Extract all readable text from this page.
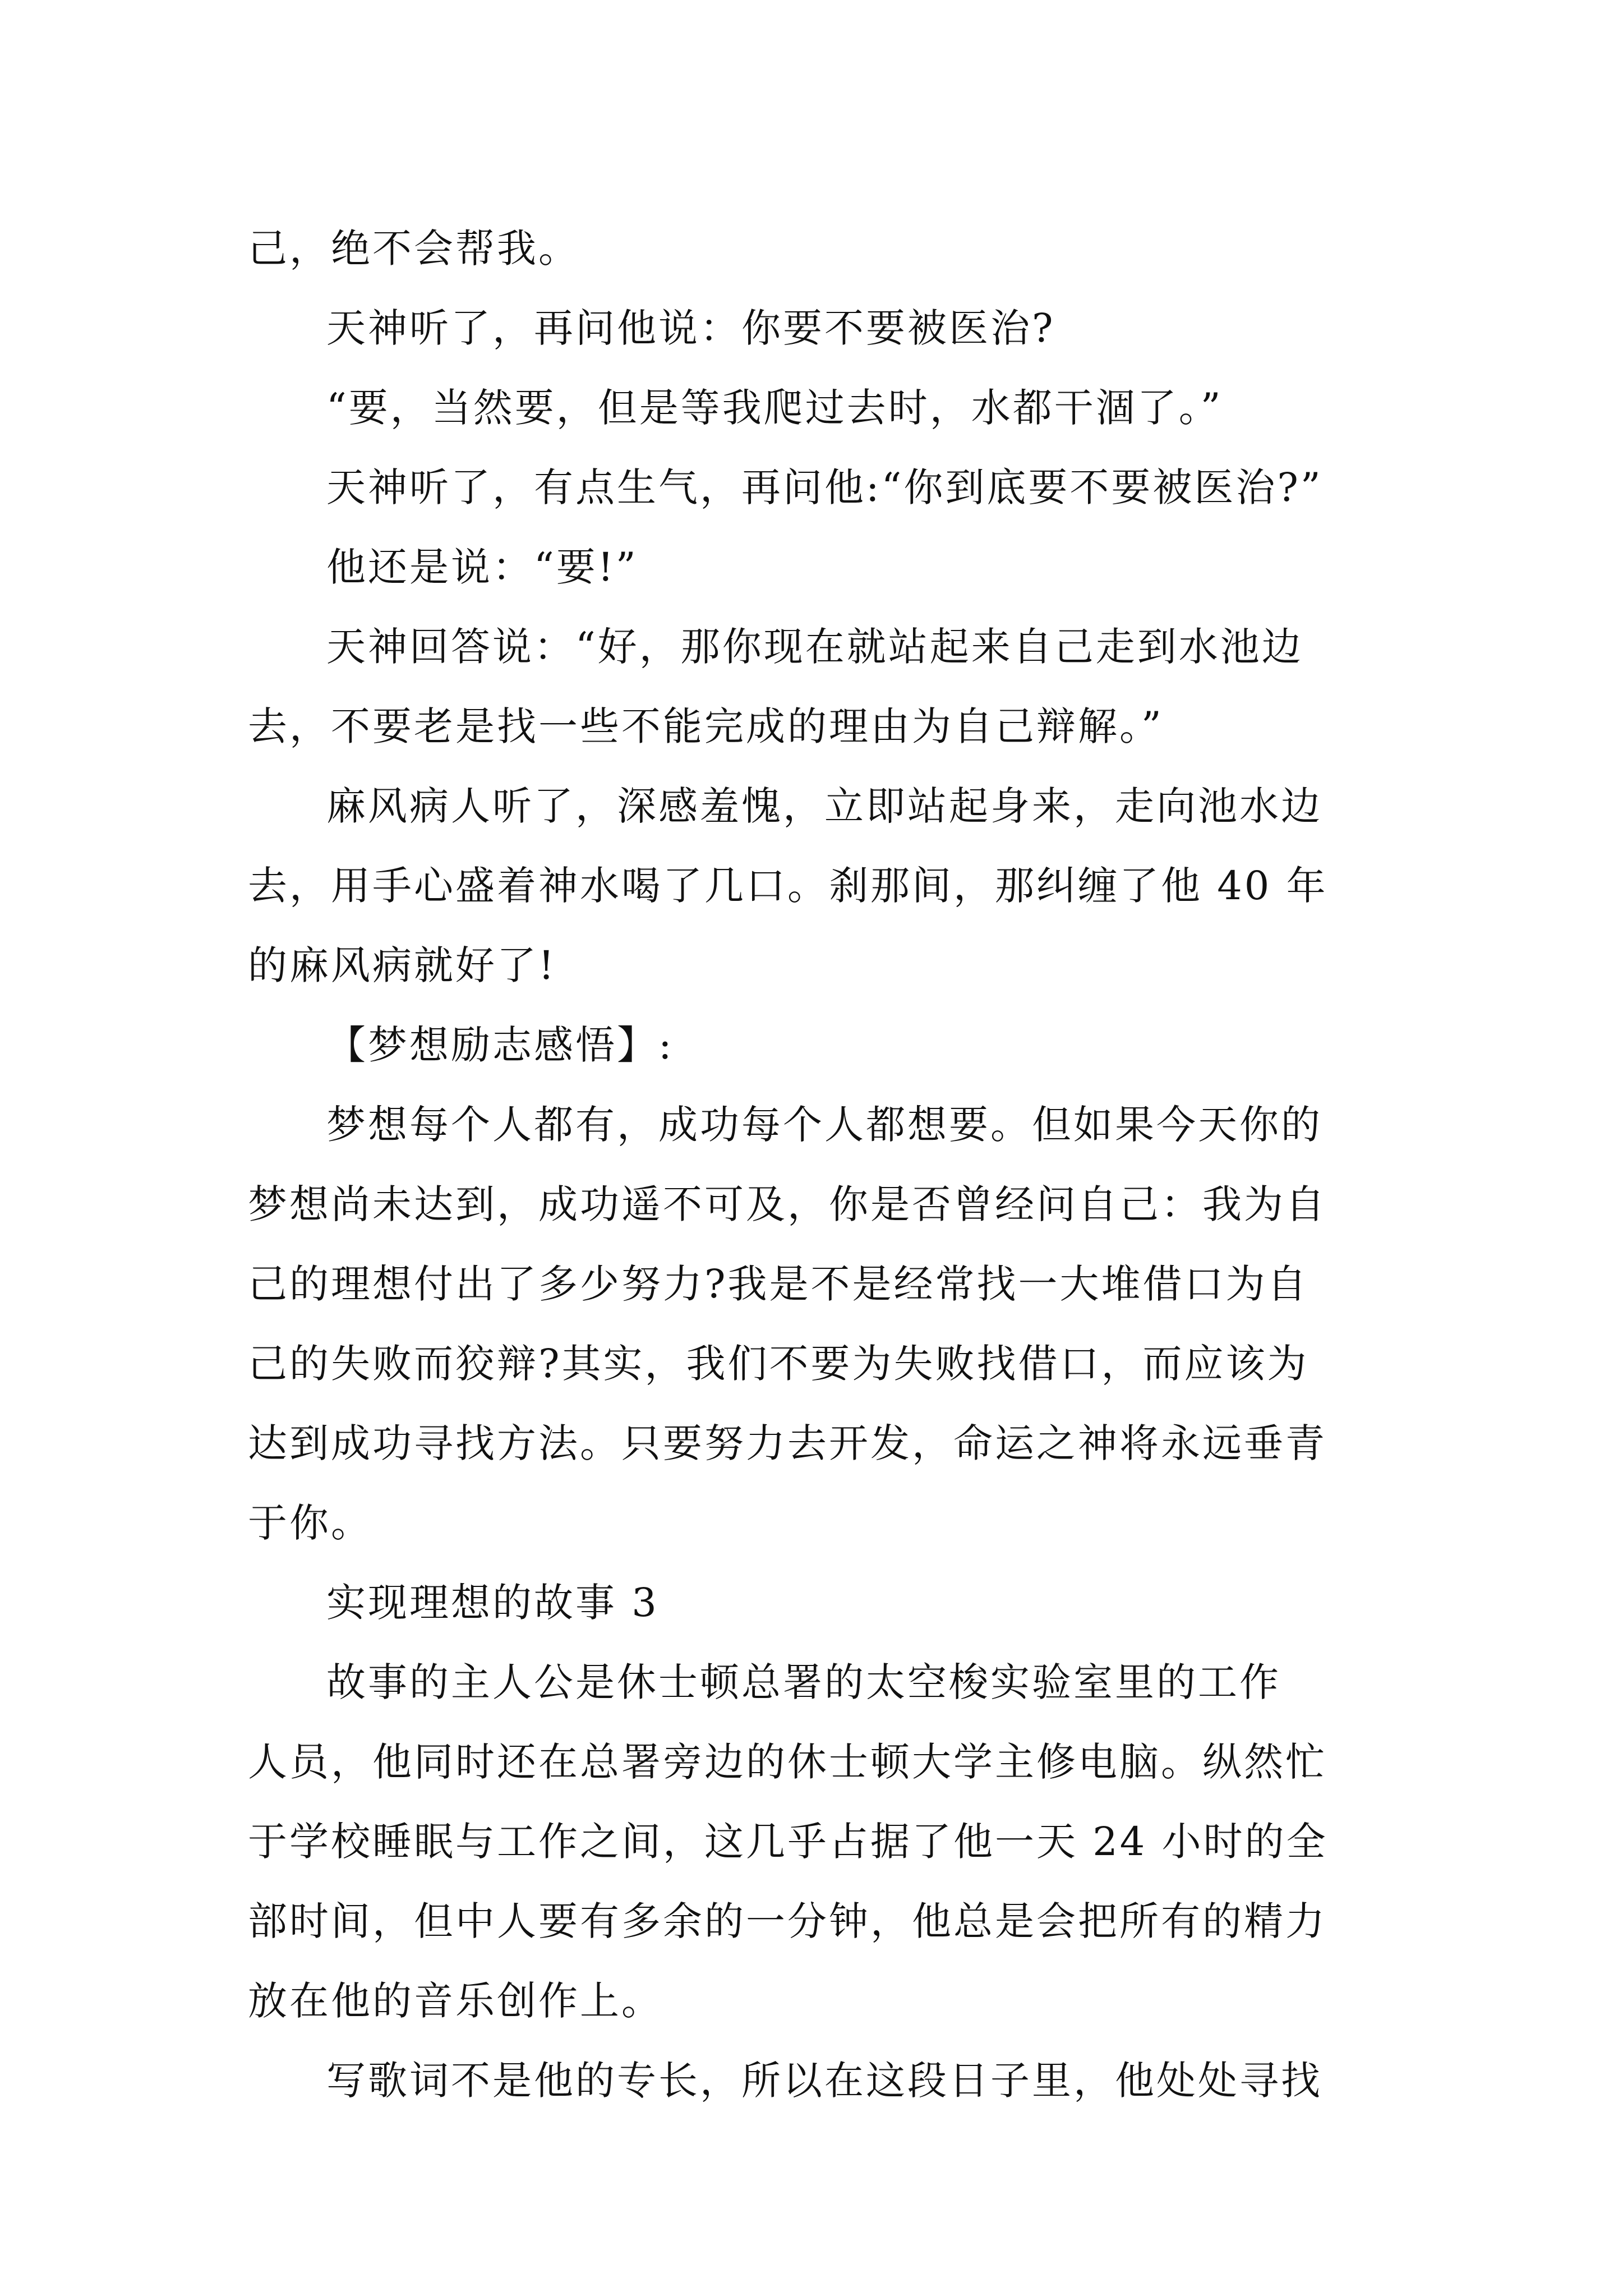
己，绝不会帮我。
天神听了，再问他说：你要不要被医治?
“要，当然要，但是等我爬过去时，水都干涸了。”
天神听了，有点生气，再问他:“你到底要不要被医治?”
他还是说：“要!”
天神回答说：“好，那你现在就站起来自己走到水池边
去，不要老是找一些不能完成的理由为自己辩解。”
麻风病人听了，深感羞愧，立即站起身来，走向池水边
去，用手心盛着神水喝了几口。刹那间，那纠缠了他 40 年
的麻风病就好了!
【梦想励志感悟】:
梦想每个人都有，成功每个人都想要。但如果今天你的
梦想尚未达到，成功遥不可及，你是否曾经问自己：我为自
己的理想付出了多少努力?我是不是经常找一大堆借口为自
己的失败而狡辩?其实，我们不要为失败找借口，而应该为
达到成功寻找方法。只要努力去开发，命运之神将永远垂青
于你。
实现理想的故事 3
故事的主人公是休士顿总署的太空梭实验室里的工作
人员，他同时还在总署旁边的休士顿大学主修电脑。纵然忙
于学校睡眠与工作之间，这几乎占据了他一天 24 小时的全
部时间，但中人要有多余的一分钟，他总是会把所有的精力
放在他的音乐创作上。
写歌词不是他的专长，所以在这段日子里，他处处寻找
